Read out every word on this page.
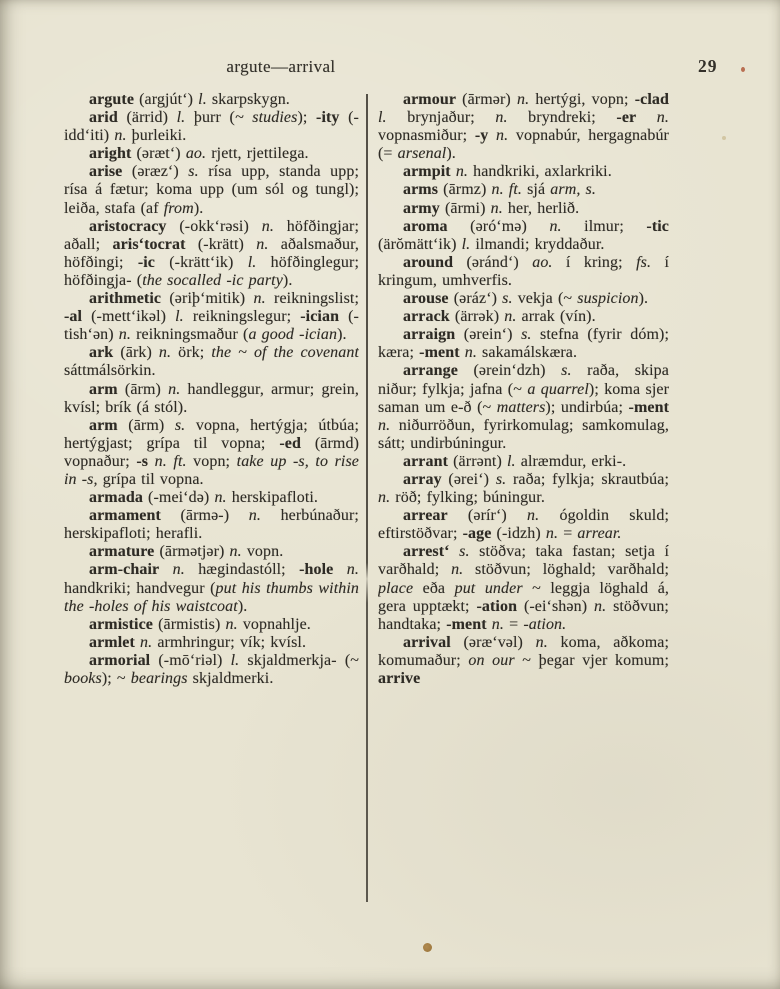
argute—arrival	29

argute (argjút‘) l. skarpskygn.

arid (ärrid) l. þurr (~ studies); -ity (-idd‘iti) n. þurleiki.

aright (əræt‘) ao. rjett, rjettilega.

arise (əræz‘) s. rísa upp, standa upp; rísa á fætur; koma upp (um sól og tungl); leiða, stafa (af from).

aristocracy (-okk‘rəsi) n. höfðingjar; aðall; aris‘tocrat (-krätt) n. aðalsmaður, höfðingi; -ic (-krätt‘ik) l. höfðinglegur; höfðingja- (the socalled -ic party).

arithmetic (əriþ‘mitik) n. reikningslist; -al (-mett‘ikəl) l. reikningslegur; -ician (-tish‘ən) n. reikningsmaður (a good -ician).

ark (ārk) n. örk; the ~ of the covenant sáttmálsörkin.

arm (ārm) n. handleggur, armur; grein, kvísl; brík (á stól).

arm (ārm) s. vopna, hertýgja; útbúa; hertýgjast; grípa til vopna; -ed (ārmd) vopnaður; -s n. ft. vopn; take up -s, to rise in -s, grípa til vopna.

armada (-mei‘də) n. herskipafloti.

armament (ārmə-) n. herbúnaður; herskipafloti; herafli.

armature (ārmətjər) n. vopn.

arm-chair n. hægindastóll; -hole n. handkriki; handvegur (put his thumbs within the -holes of his waistcoat).

armistice (ārmistis) n. vopnahlje.

armlet n. armhringur; vík; kvísl.

armorial (-mō‘riəl) l. skjaldmerkja- (~ books); ~ bearings skjaldmerki.

armour (ārmər) n. hertýgi, vopn; -clad l. brynjaður; n. bryndreki; -er n. vopnasmiður; -y n. vopnabúr, hergagnabúr (= arsenal).

armpit n. handkriki, axlarkriki.

arms (ārmz) n. ft. sjá arm, s.

army (ārmi) n. her, herlið.

aroma (əró‘mə) n. ilmur; -tic (ärŏmätt‘ik) l. ilmandi; kryddaður.

around (əránd‘) ao. í kring; fs. í kringum, umhverfis.

arouse (əráz‘) s. vekja (~ suspicion).

arrack (ärrək) n. arrak (vín).

arraign (ərein‘) s. stefna (fyrir dóm); kæra; -ment n. sakamálskæra.

arrange (ərein‘dzh) s. raða, skipa niður; fylkja; jafna (~ a quarrel); koma sjer saman um e-ð (~ matters); undirbúa; -ment n. niðurröðun, fyrirkomulag; samkomulag, sátt; undirbúningur.

arrant (ärrənt) l. alræmdur, erki-.

array (ərei‘) s. raða; fylkja; skrautbúa; n. röð; fylking; búningur.

arrear (ərír‘) n. ógoldin skuld; eftirstöðvar; -age (-idzh) n. = arrear.

arrest‘ s. stöðva; taka fastan; setja í varðhald; n. stöðvun; löghald; varðhald; place eða put under ~ leggja löghald á, gera upptækt; -ation (-ei‘shən) n. stöðvun; handtaka; -ment n. = -ation.

arrival (əræ‘vəl) n. koma, aðkoma; komumaður; on our ~ þegar vjer komum; arrive
